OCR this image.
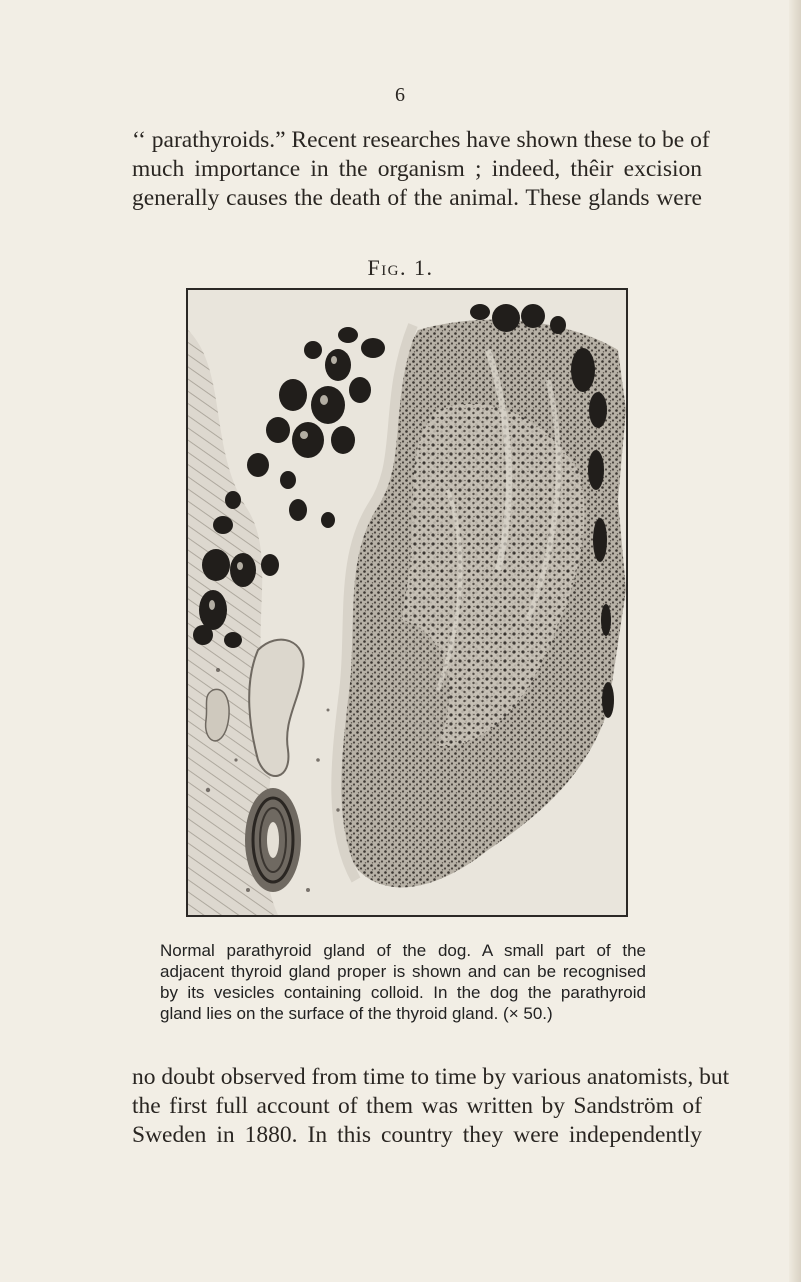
6
‘‘ parathyroids.” Recent researches have shown these to be of
much importance in the organism ; indeed, thêir excision
generally causes the death of the animal. These glands were
Fig. 1.
Normal parathyroid gland of the dog. A small part of the
adjacent thyroid gland proper is shown and can be recognised
by its vesicles containing colloid. In the dog the parathyroid
gland lies on the surface of the thyroid gland. (× 50.)
no doubt observed from time to time by various anatomists, but
the first full account of them was written by Sandström of
Sweden in 1880. In this country they were independently
